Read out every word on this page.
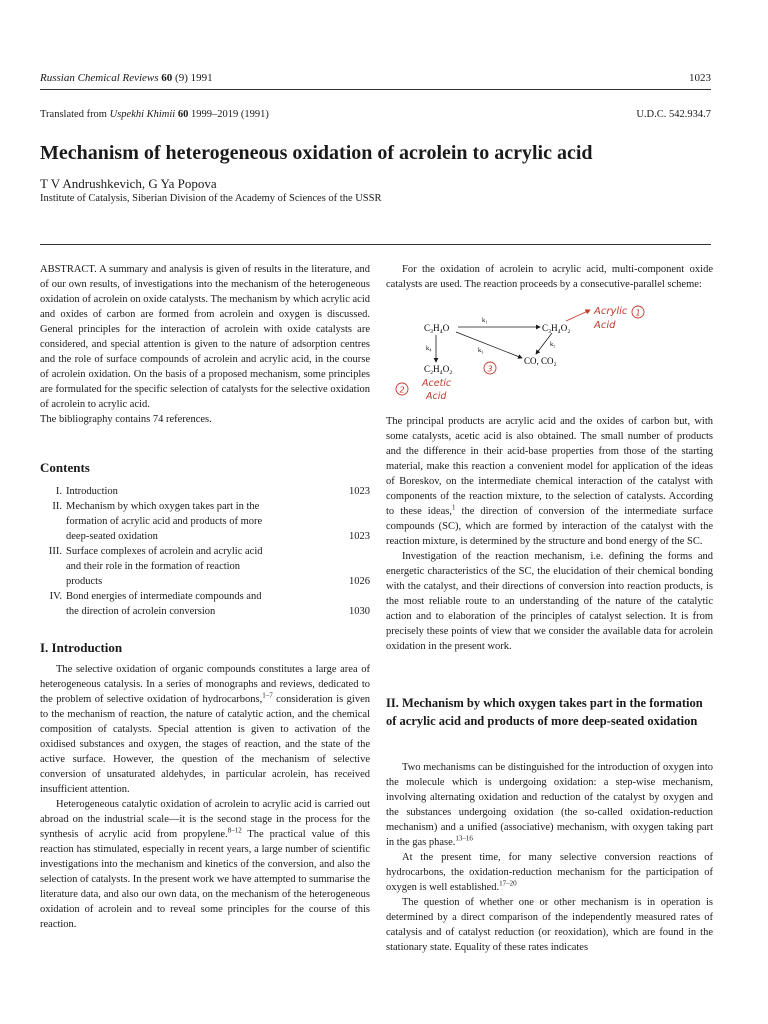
Russian Chemical Reviews 60 (9) 1991	1023
Translated from Uspekhi Khimii 60 1999–2019 (1991)	U.D.C. 542.934.7
Mechanism of heterogeneous oxidation of acrolein to acrylic acid
T V Andrushkevich, G Ya Popova
Institute of Catalysis, Siberian Division of the Academy of Sciences of the USSR

ABSTRACT. A summary and analysis is given of results in the literature, and of our own results, of investigations into the mechanism of the heterogeneous oxidation of acrolein on oxide catalysts. The mechanism by which acrylic acid and oxides of carbon are formed from acrolein and oxygen is discussed. General principles for the interaction of acrolein with oxide catalysts are considered, and special attention is given to the nature of adsorption centres and the role of surface compounds of acrolein and acrylic acid, in the course of acrolein oxidation. On the basis of a proposed mechanism, some principles are formulated for the specific selection of catalysts for the selective oxidation of acrolein to acrylic acid.

The bibliography contains 74 references.

Contents
I. Introduction	1023
II. Mechanism by which oxygen takes part in the formation of acrylic acid and products of more deep-seated oxidation	1023
III. Surface complexes of acrolein and acrylic acid and their role in the formation of reaction products	1026
IV. Bond energies of intermediate compounds and the direction of acrolein conversion	1030
I. Introduction

The selective oxidation of organic compounds constitutes a large area of heterogeneous catalysis. In a series of monographs and reviews, dedicated to the problem of selective oxidation of hydrocarbons,$^{1-7}$ consideration is given to the mechanism of reaction, the nature of catalytic action, and the chemical composition of catalysts. Special attention is given to activation of the oxidised substances and oxygen, the stages of reaction, and the state of the active surface. However, the question of the mechanism of selective conversion of unsaturated aldehydes, in particular acrolein, has received insufficient attention.

Heterogeneous catalytic oxidation of acrolein to acrylic acid is carried out abroad on the industrial scale—it is the second stage in the process for the synthesis of acrylic acid from propylene.$^{8-12}$ The practical value of this reaction has stimulated, especially in recent years, a large number of scientific investigations into the mechanism and kinetics of the conversion, and also the selection of catalysts. In the present work we have attempted to summarise the literature data, and also our own data, on the mechanism of the heterogeneous oxidation of acrolein and to reveal some principles for the course of this reaction.

For the oxidation of acrolein to acrylic acid, multi-component oxide catalysts are used. The reaction proceeds by a consecutive-parallel scheme:

C₃H₄O	C₃H₄O₂
CO, CO₂
C₂H₄O₂
k₁
k₃
k₂
k₄
Acrylic
Acid
1
3
2
Acetic
Acid

The principal products are acrylic acid and the oxides of carbon but, with some catalysts, acetic acid is also obtained. The small number of products and the difference in their acid-base properties from those of the starting material, make this reaction a convenient model for application of the ideas of Boreskov, on the intermediate chemical interaction of the catalyst with components of the reaction mixture, to the selection of catalysts. According to these ideas,$^1$ the direction of conversion of the intermediate surface compounds (SC), which are formed by interaction of the catalyst with the reaction mixture, is determined by the structure and bond energy of the SC.

Investigation of the reaction mechanism, i.e. defining the forms and energetic characteristics of the SC, the elucidation of their chemical bonding with the catalyst, and their directions of conversion into reaction products, is the most reliable route to an understanding of the nature of the catalytic action and to elaboration of the principles of catalyst selection. It is from precisely these points of view that we consider the available data for acrolein oxidation in the present work.

II. Mechanism by which oxygen takes part in the formation of acrylic acid and products of more deep-seated oxidation

Two mechanisms can be distinguished for the introduction of oxygen into the molecule which is undergoing oxidation: a step-wise mechanism, involving alternating oxidation and reduction of the catalyst by oxygen and the substances undergoing oxidation (the so-called oxidation-reduction mechanism) and a unified (associative) mechanism, with oxygen taking part in the gas phase.$^{13-16}$

At the present time, for many selective conversion reactions of hydrocarbons, the oxidation-reduction mechanism for the participation of oxygen is well established.$^{17-20}$

The question of whether one or other mechanism is in operation is determined by a direct comparison of the independently measured rates of catalysis and of catalyst reduction (or reoxidation), which are found in the stationary state. Equality of these rates indicates
